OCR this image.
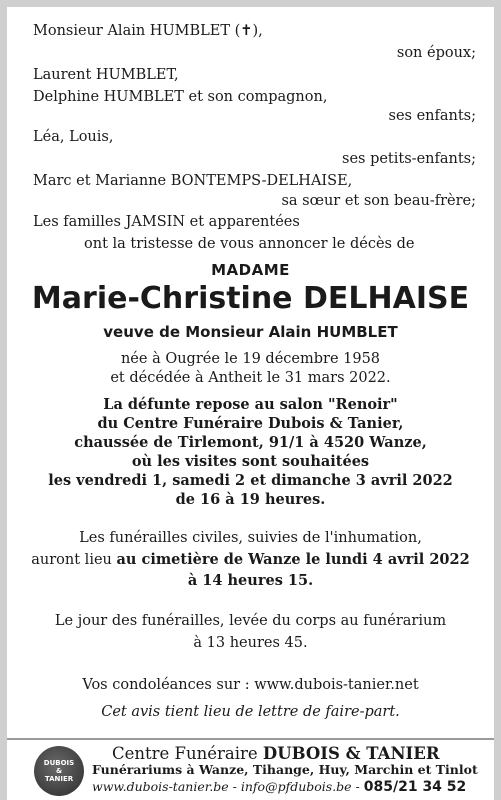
Monsieur Alain HUMBLET (✝),
son époux;
Laurent HUMBLET,
Delphine HUMBLET et son compagnon,
ses enfants;
Léa, Louis,
ses petits-enfants;
Marc et Marianne BONTEMPS-DELHAISE,
sa sœur et son beau-frère;
Les familles JAMSIN et apparentées
ont la tristesse de vous annoncer le décès de
MADAME
Marie-Christine DELHAISE
veuve de Monsieur Alain HUMBLET
née à Ougrée le 19 décembre 1958
et décédée à Antheit le 31 mars 2022.
La défunte repose au salon "Renoir"
du Centre Funéraire Dubois & Tanier,
chaussée de Tirlemont, 91/1 à 4520 Wanze,
où les visites sont souhaitées
les vendredi 1, samedi 2 et dimanche 3 avril 2022
de 16 à 19 heures.
Les funérailles civiles, suivies de l'inhumation,
auront lieu au cimetière de Wanze le lundi 4 avril 2022
à 14 heures 15.
Le jour des funérailles, levée du corps au funérarium
à 13 heures 45.
Vos condoléances sur : www.dubois-tanier.net
Cet avis tient lieu de lettre de faire-part.
DUBOIS
&
TANIER
Centre Funéraire DUBOIS & TANIER
Funérariums à Wanze, Tihange, Huy, Marchin et Tinlot
www.dubois-tanier.be - info@pfdubois.be - 085/21 34 52
